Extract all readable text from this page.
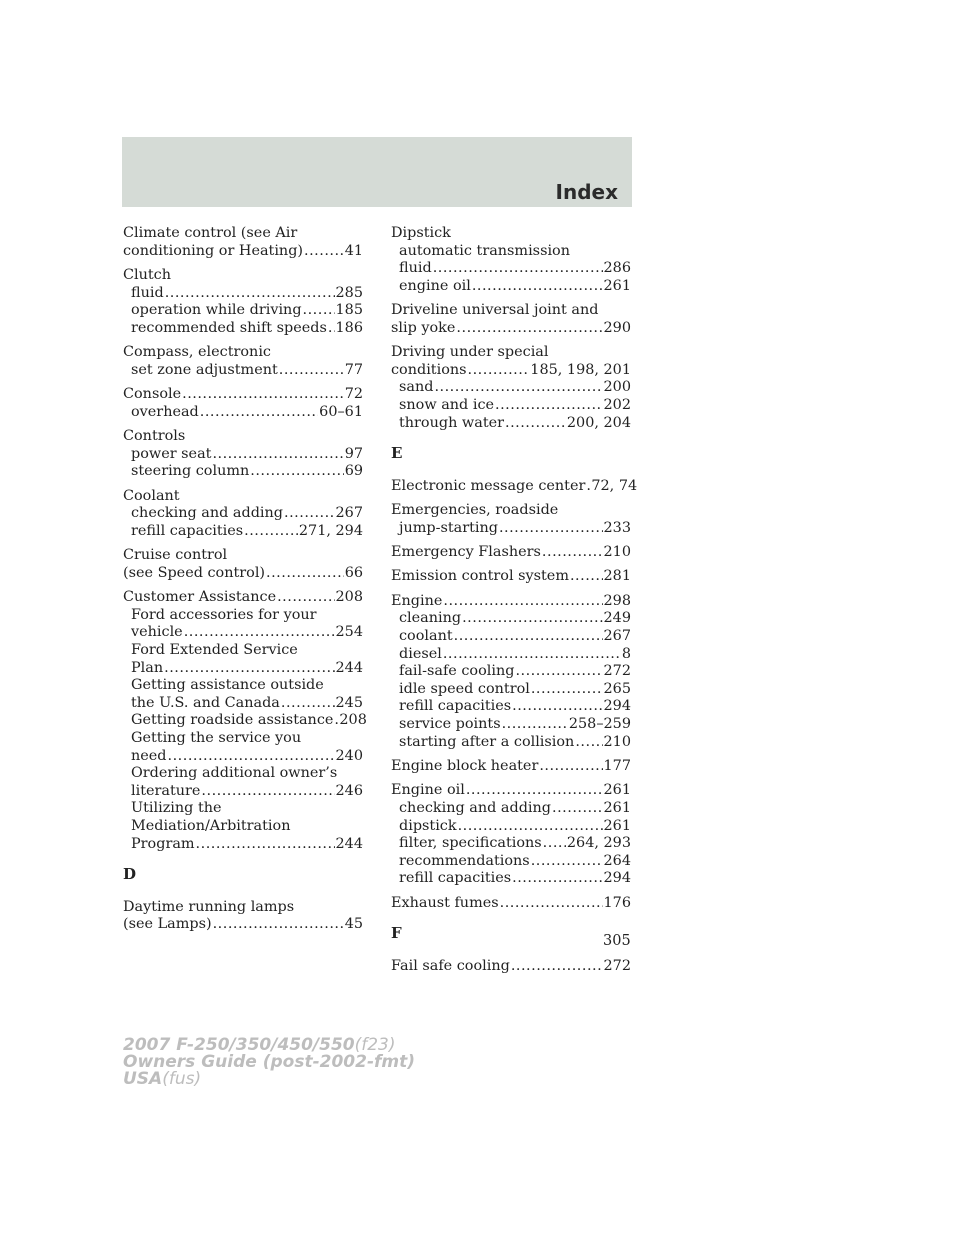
Index
Climate control (see Air
conditioning or Heating) .....	41
Clutch
fluid .....	285
operation while driving ..... 185
recommended shift speeds ..... 186
Compass, electronic
set zone adjustment .....	77
Console .....	72
overhead .....	60–61
Controls
power seat .....	97
steering column .....	69
Coolant
checking and adding .....	267
refill capacities .....	271, 294
Cruise control
(see Speed control) .....	66
Customer Assistance .....	208
Ford accessories for your
vehicle .....	254
Ford Extended Service
Plan .....	244
Getting assistance outside
the U.S. and Canada .....	245
Getting roadside assistance ..... 208
Getting the service you
need .....	240
Ordering additional owner’s
literature .....	246
Utilizing the
Mediation/Arbitration
Program .....	244
D
Daytime running lamps
(see Lamps) .....	45
Dipstick
automatic transmission
fluid .....	286
engine oil .....	261
Driveline universal joint and
slip yoke .....	290
Driving under special
conditions .....	185, 198, 201
sand .....	200
snow and ice .....	202
through water .....	200, 204
E
Electronic message center ..... 72, 74
Emergencies, roadside
jump-starting .....	233
Emergency Flashers .....	210
Emission control system ..... 281
Engine .....	298
cleaning .....	249
coolant .....	267
diesel .....	8
fail-safe cooling .....	272
idle speed control .....	265
refill capacities .....	294
service points .....	258–259
starting after a collision ..... 210
Engine block heater .....	177
Engine oil .....	261
checking and adding .....	261
dipstick .....	261
filter, specifications ..... 264, 293
recommendations .....	264
refill capacities .....	294
Exhaust fumes .....	176
F
Fail safe cooling .....	272
305
2007 F-250/350/450/550(f23)
Owners Guide (post-2002-fmt)
USA(fus)
